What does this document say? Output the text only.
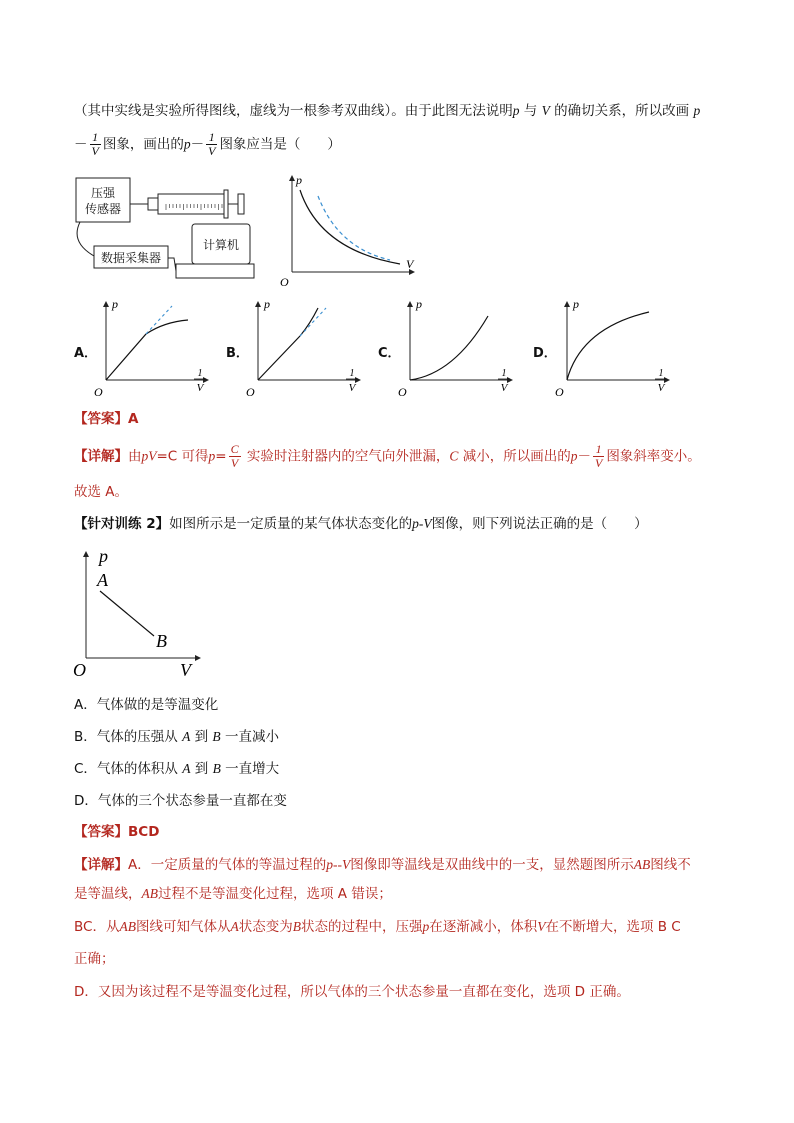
（其中实线是实验所得图线，虚线为一根参考双曲线）。由于此图无法说明p 与 V 的确切关系，所以改画 p
－ $\frac{1}{V}$ 图象，画出的$p- \frac{1}{V}$ 图象应当是（　　）
压强
传感器
数据采集器
计算机
p
V
O
A．	B．	C．	D．
p
O
1
V
p
O
1
V
p
O
1
V
p
O
1
V
【答案】A
【详解】由pV=C 可得$p= \frac{C}{V}$ 实验时注射器内的空气向外泄漏，C 减小，所以画出的$p- \frac{1}{V}$ 图象斜率变小。
故选 A。
【针对训练 2】如图所示是一定质量的某气体状态变化的p-V图像，则下列说法正确的是（　　）
p
A
B
V
O
A．气体做的是等温变化
B．气体的压强从 A 到 B 一直减小
C．气体的体积从 A 到 B 一直增大
D．气体的三个状态参量一直都在变
【答案】BCD
【详解】A．一定质量的气体的等温过程的p--V图像即等温线是双曲线中的一支，显然题图所示AB图线不
是等温线，AB过程不是等温变化过程，选项 A 错误；
BC．从AB图线可知气体从A状态变为B状态的过程中，压强p在逐渐减小，体积V在不断增大，选项 B C
正确；
D．又因为该过程不是等温变化过程，所以气体的三个状态参量一直都在变化，选项 D 正确。
